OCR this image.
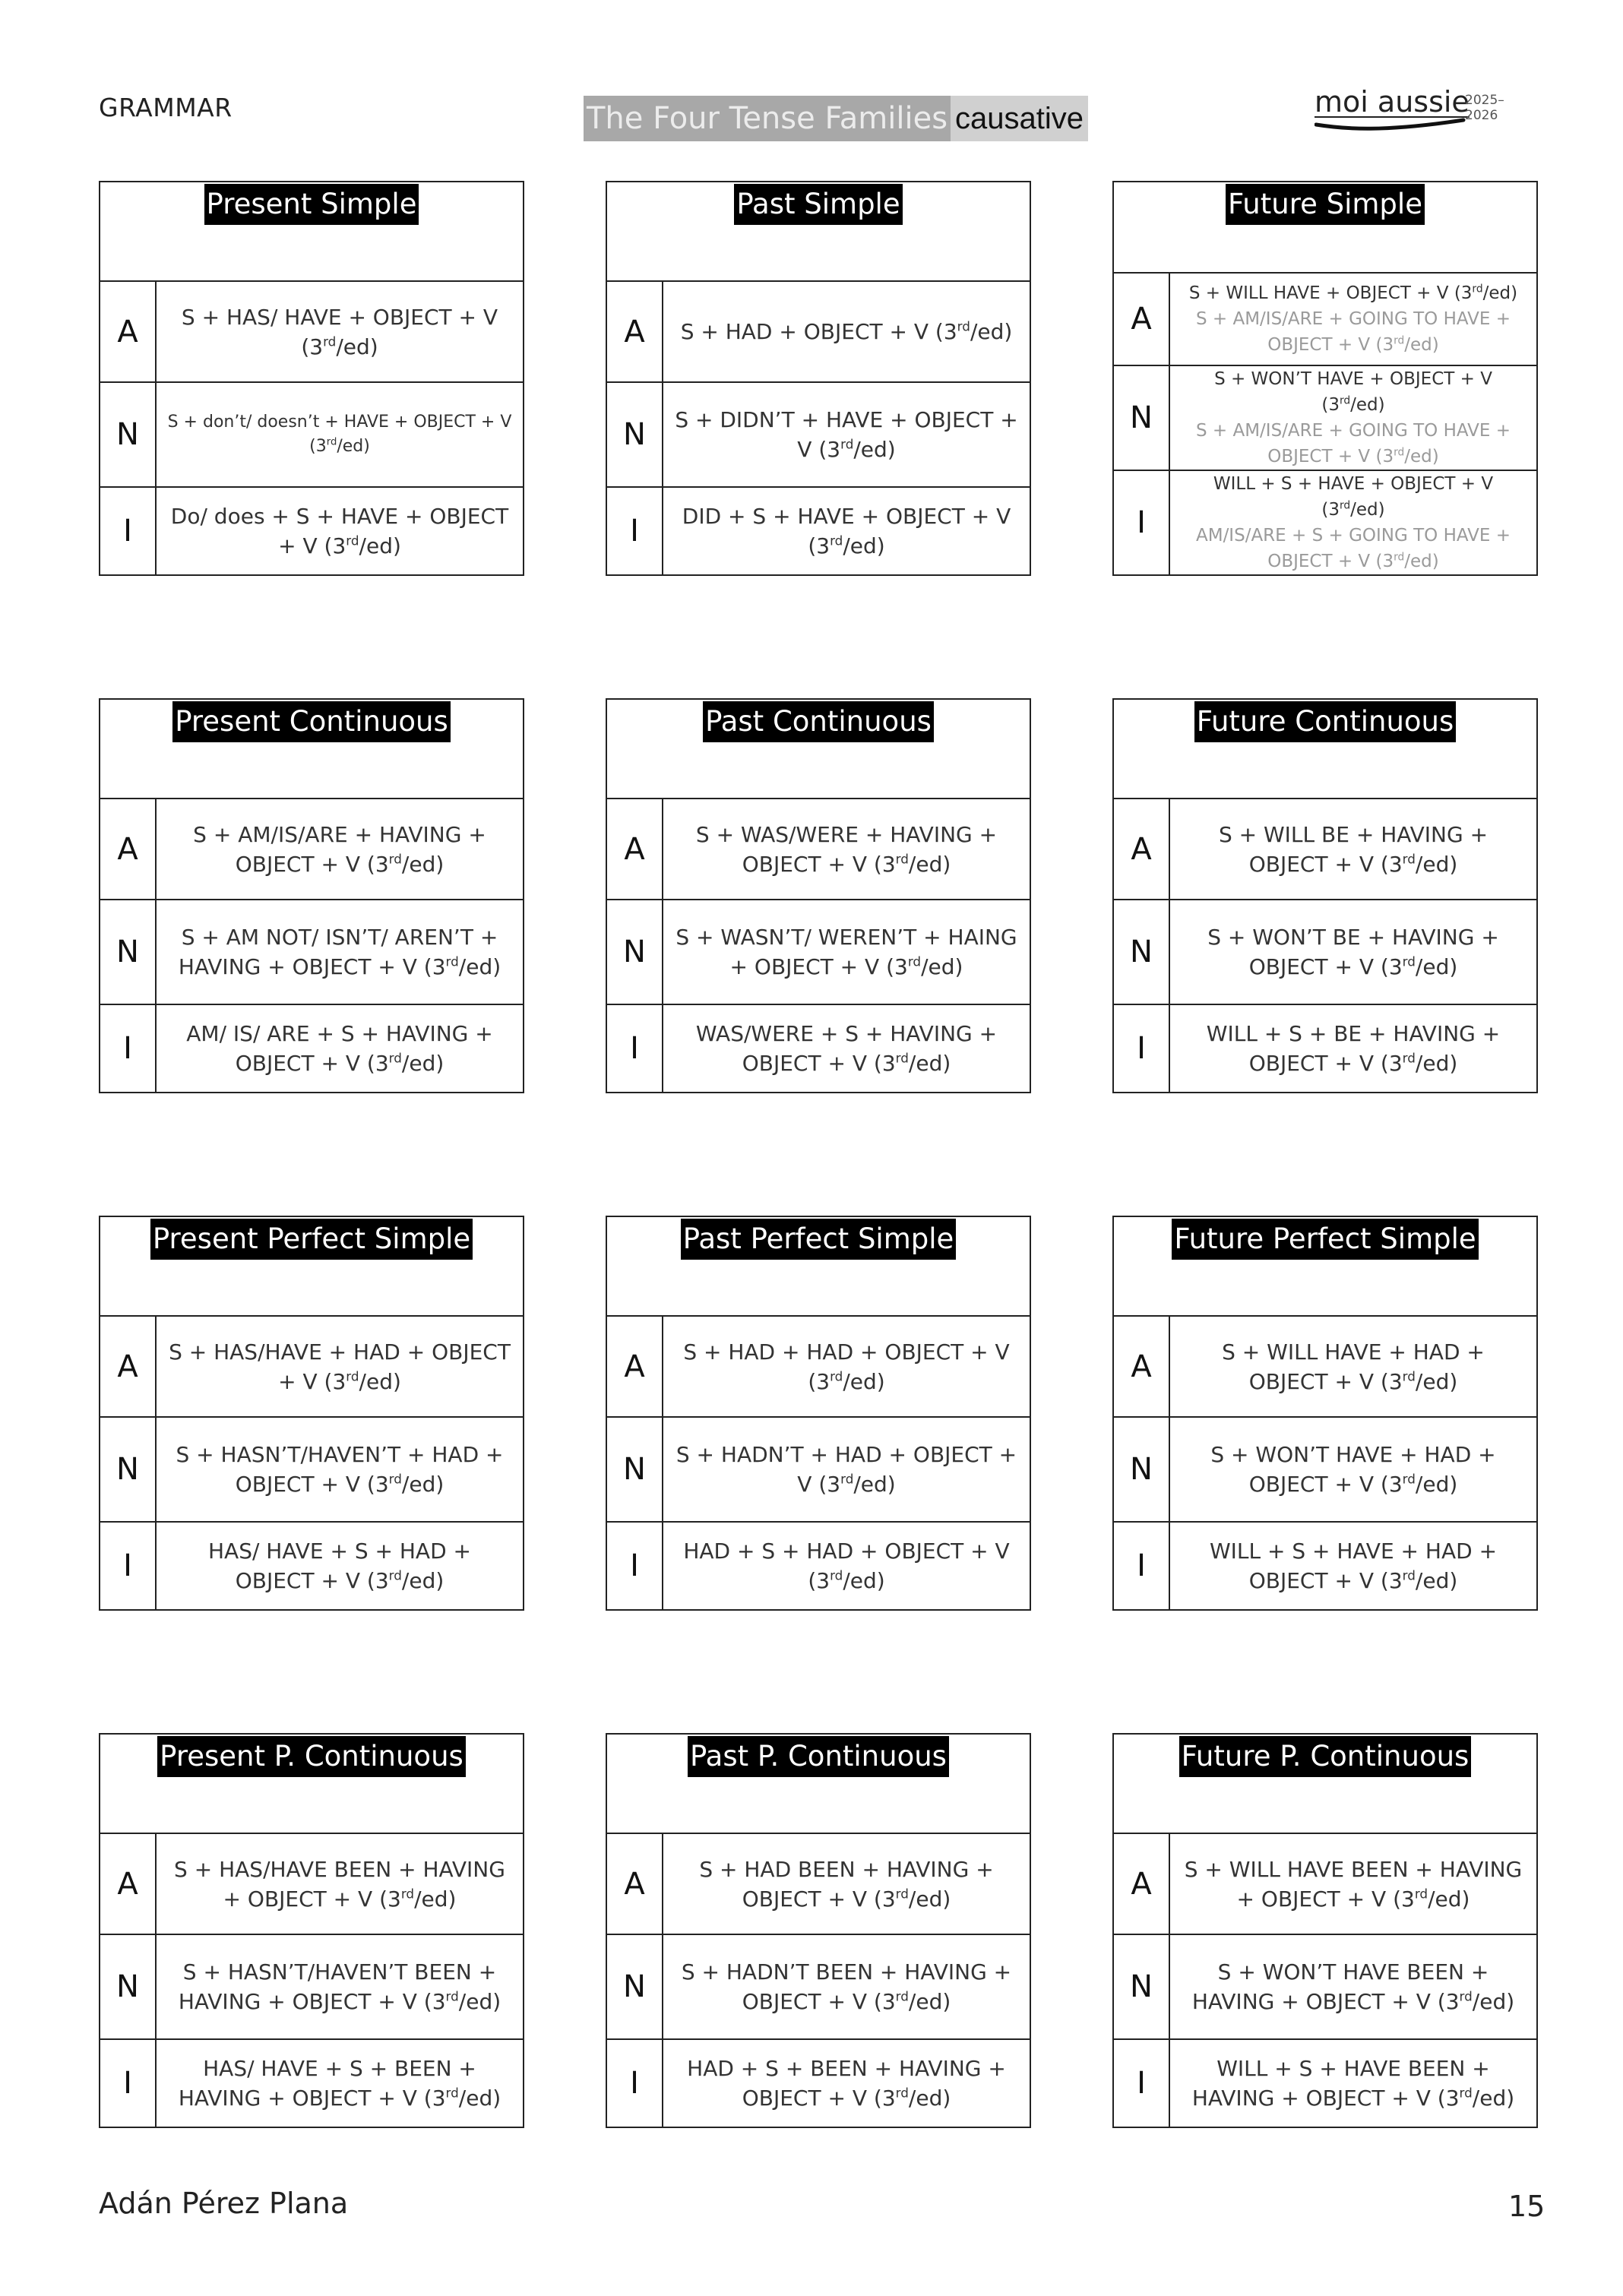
GRAMMAR	The Four Tense Families causative	moi aussie
2025–2026
Present Simple
A	S + HAS/ HAVE + OBJECT + V (3rd/ed)
N	S + don’t/ doesn’t + HAVE + OBJECT + V (3rd/ed)
I	Do/ does + S + HAVE + OBJECT + V (3rd/ed)
Past Simple
A	S + HAD + OBJECT + V (3rd/ed)
N	S + DIDN’T + HAVE + OBJECT + V (3rd/ed)
I	DID + S + HAVE + OBJECT + V (3rd/ed)
Future Simple
A
S + WILL HAVE + OBJECT + V (3rd/ed)
S + AM/IS/ARE + GOING TO HAVE + OBJECT + V (3rd/ed)
N
S + WON’T HAVE + OBJECT + V (3rd/ed)
S + AM/IS/ARE + GOING TO HAVE + OBJECT + V (3rd/ed)
I
WILL + S + HAVE + OBJECT + V (3rd/ed)
AM/IS/ARE + S + GOING TO HAVE + OBJECT + V (3rd/ed)
Present Continuous
A	S + AM/IS/ARE + HAVING + OBJECT + V (3rd/ed)
N	S + AM NOT/ ISN’T/ AREN’T + HAVING + OBJECT + V (3rd/ed)
I	AM/ IS/ ARE + S + HAVING + OBJECT + V (3rd/ed)
Past Continuous
A	S + WAS/WERE + HAVING + OBJECT + V (3rd/ed)
N	S + WASN’T/ WEREN’T + HAING + OBJECT + V (3rd/ed)
I	WAS/WERE + S + HAVING + OBJECT + V (3rd/ed)
Future Continuous
A	S + WILL BE + HAVING + OBJECT + V (3rd/ed)
N	S + WON’T BE + HAVING + OBJECT + V (3rd/ed)
I	WILL + S + BE + HAVING + OBJECT + V (3rd/ed)
Present Perfect Simple
A	S + HAS/HAVE + HAD + OBJECT + V (3rd/ed)
N	S + HASN’T/HAVEN’T + HAD + OBJECT + V (3rd/ed)
I	HAS/ HAVE + S + HAD + OBJECT + V (3rd/ed)
Past Perfect Simple
A	S + HAD + HAD + OBJECT + V (3rd/ed)
N	S + HADN’T + HAD + OBJECT + V (3rd/ed)
I	HAD + S + HAD + OBJECT + V (3rd/ed)
Future Perfect Simple
A	S + WILL HAVE + HAD + OBJECT + V (3rd/ed)
N	S + WON’T HAVE + HAD + OBJECT + V (3rd/ed)
I	WILL + S + HAVE + HAD + OBJECT + V (3rd/ed)
Present P. Continuous
A	S + HAS/HAVE BEEN + HAVING + OBJECT + V (3rd/ed)
N	S + HASN’T/HAVEN’T BEEN + HAVING + OBJECT + V (3rd/ed)
I	HAS/ HAVE + S + BEEN + HAVING + OBJECT + V (3rd/ed)
Past P. Continuous
A	S + HAD BEEN + HAVING + OBJECT + V (3rd/ed)
N	S + HADN’T BEEN + HAVING + OBJECT + V (3rd/ed)
I	HAD + S + BEEN + HAVING + OBJECT + V (3rd/ed)
Future P. Continuous
A	S + WILL HAVE BEEN + HAVING + OBJECT + V (3rd/ed)
N	S + WON’T HAVE BEEN + HAVING + OBJECT + V (3rd/ed)
I	WILL + S + HAVE BEEN + HAVING + OBJECT + V (3rd/ed)
Adán Pérez Plana	15
